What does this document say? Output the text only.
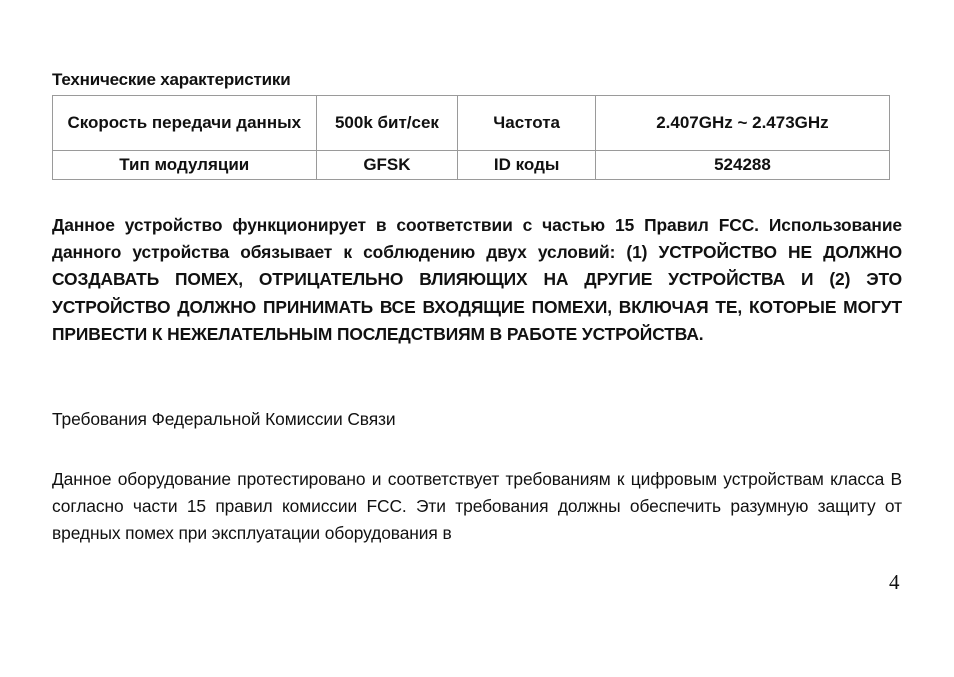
Технические характеристики
Скорость передачи данных	500k бит/сек	Частота	2.407GHz ~ 2.473GHz
Тип модуляции	GFSK	ID коды	524288
Данное устройство функционирует в соответствии с частью 15 Правил FCC. Использование данного устройства обязывает к соблюдению двух условий: (1) УСТРОЙСТВО НЕ ДОЛЖНО СОЗДАВАТЬ ПОМЕХ, ОТРИЦАТЕЛЬНО ВЛИЯЮЩИХ НА ДРУГИЕ УСТРОЙСТВА И (2) ЭТО УСТРОЙСТВО ДОЛЖНО ПРИНИМАТЬ ВСЕ ВХОДЯЩИЕ ПОМЕХИ, ВКЛЮЧАЯ ТЕ, КОТОРЫЕ МОГУТ ПРИВЕСТИ К НЕЖЕЛАТЕЛЬНЫМ ПОСЛЕДСТВИЯМ В РАБОТЕ УСТРОЙСТВА.
Требования Федеральной Комиссии Связи
Данное оборудование протестировано и соответствует требованиям к цифровым устройствам класса B согласно части 15 правил комиссии FCC. Эти требования должны обеспечить разумную защиту от вредных помех при эксплуатации оборудования в
4
